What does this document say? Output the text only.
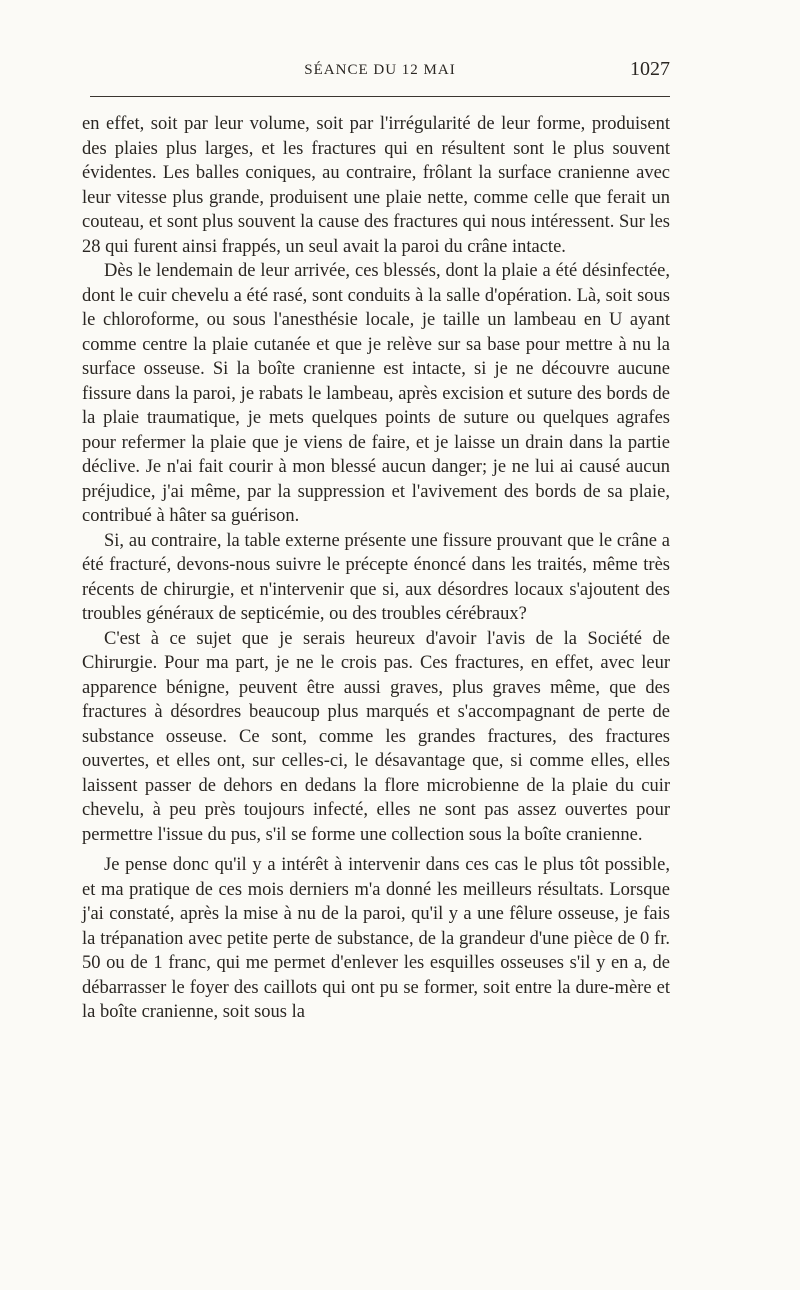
SÉANCE DU 12 MAI	1027

en effet, soit par leur volume, soit par l'irrégularité de leur forme, produisent des plaies plus larges, et les fractures qui en résultent sont le plus souvent évidentes. Les balles coniques, au contraire, frôlant la surface cranienne avec leur vitesse plus grande, produisent une plaie nette, comme celle que ferait un couteau, et sont plus souvent la cause des fractures qui nous intéressent. Sur les 28 qui furent ainsi frappés, un seul avait la paroi du crâne intacte.

Dès le lendemain de leur arrivée, ces blessés, dont la plaie a été désinfectée, dont le cuir chevelu a été rasé, sont conduits à la salle d'opération. Là, soit sous le chloroforme, ou sous l'anesthésie locale, je taille un lambeau en U ayant comme centre la plaie cutanée et que je relève sur sa base pour mettre à nu la surface osseuse. Si la boîte cranienne est intacte, si je ne découvre aucune fissure dans la paroi, je rabats le lambeau, après excision et suture des bords de la plaie traumatique, je mets quelques points de suture ou quelques agrafes pour refermer la plaie que je viens de faire, et je laisse un drain dans la partie déclive. Je n'ai fait courir à mon blessé aucun danger; je ne lui ai causé aucun préjudice, j'ai même, par la suppression et l'avivement des bords de sa plaie, contribué à hâter sa guérison.

Si, au contraire, la table externe présente une fissure prouvant que le crâne a été fracturé, devons-nous suivre le précepte énoncé dans les traités, même très récents de chirurgie, et n'intervenir que si, aux désordres locaux s'ajoutent des troubles généraux de septicémie, ou des troubles cérébraux?

C'est à ce sujet que je serais heureux d'avoir l'avis de la Société de Chirurgie. Pour ma part, je ne le crois pas. Ces fractures, en effet, avec leur apparence bénigne, peuvent être aussi graves, plus graves même, que des fractures à désordres beaucoup plus marqués et s'accompagnant de perte de substance osseuse. Ce sont, comme les grandes fractures, des fractures ouvertes, et elles ont, sur celles-ci, le désavantage que, si comme elles, elles laissent passer de dehors en dedans la flore microbienne de la plaie du cuir chevelu, à peu près toujours infecté, elles ne sont pas assez ouvertes pour permettre l'issue du pus, s'il se forme une collection sous la boîte cranienne.

Je pense donc qu'il y a intérêt à intervenir dans ces cas le plus tôt possible, et ma pratique de ces mois derniers m'a donné les meilleurs résultats. Lorsque j'ai constaté, après la mise à nu de la paroi, qu'il y a une fêlure osseuse, je fais la trépanation avec petite perte de substance, de la grandeur d'une pièce de 0 fr. 50 ou de 1 franc, qui me permet d'enlever les esquilles osseuses s'il y en a, de débarrasser le foyer des caillots qui ont pu se former, soit entre la dure-mère et la boîte cranienne, soit sous la
